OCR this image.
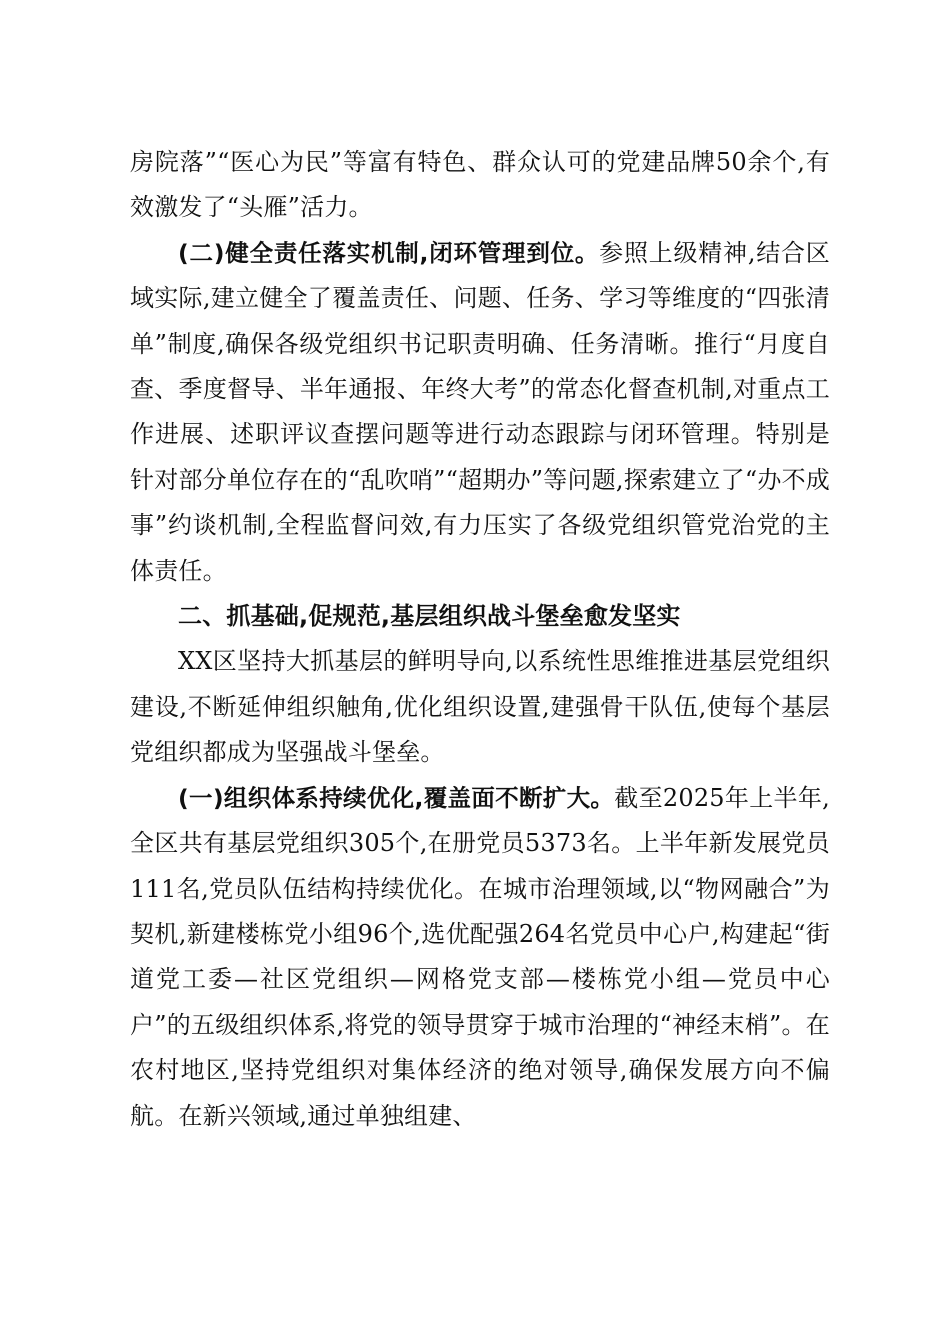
房院落”“医心为民”等富有特色、群众认可的党建品牌50余个,有效激发了“头雁”活力。

(二)健全责任落实机制,闭环管理到位。参照上级精神,结合区域实际,建立健全了覆盖责任、问题、任务、学习等维度的“四张清单”制度,确保各级党组织书记职责明确、任务清晰。推行“月度自查、季度督导、半年通报、年终大考”的常态化督查机制,对重点工作进展、述职评议查摆问题等进行动态跟踪与闭环管理。特别是针对部分单位存在的“乱吹哨”“超期办”等问题,探索建立了“办不成事”约谈机制,全程监督问效,有力压实了各级党组织管党治党的主体责任。

二、抓基础,促规范,基层组织战斗堡垒愈发坚实

XX区坚持大抓基层的鲜明导向,以系统性思维推进基层党组织建设,不断延伸组织触角,优化组织设置,建强骨干队伍,使每个基层党组织都成为坚强战斗堡垒。

(一)组织体系持续优化,覆盖面不断扩大。截至2025年上半年,全区共有基层党组织305个,在册党员5373名。上半年新发展党员111名,党员队伍结构持续优化。在城市治理领域,以“物网融合”为契机,新建楼栋党小组96个,选优配强264名党员中心户,构建起“街道党工委—社区党组织—网格党支部—楼栋党小组—党员中心户”的五级组织体系,将党的领导贯穿于城市治理的“神经末梢”。在农村地区,坚持党组织对集体经济的绝对领导,确保发展方向不偏航。在新兴领域,通过单独组建、
